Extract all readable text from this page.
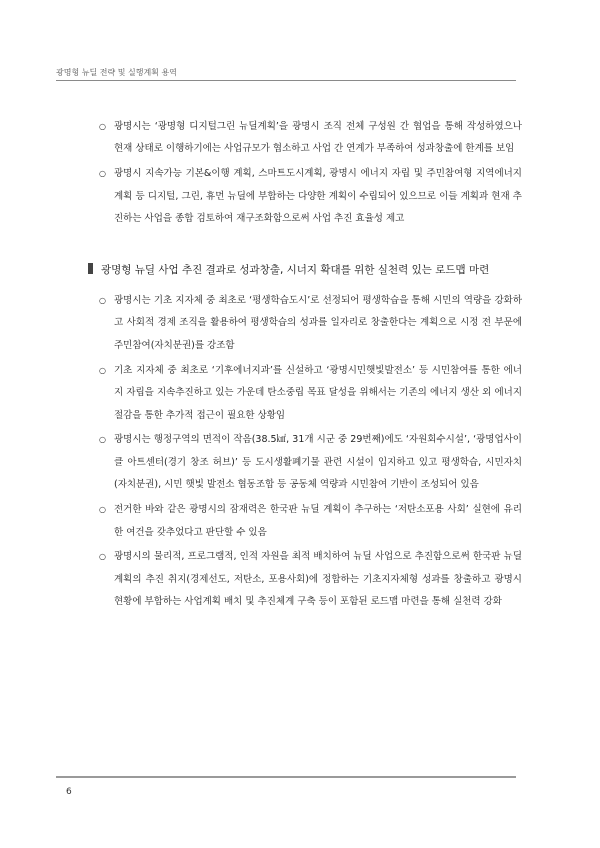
광명형 뉴딜 전략 및 실행계획 용역
○ 광명시는 ‘광명형 디지털그린 뉴딜계획’을 광명시 조직 전체 구성원 간 협업을 통해 작성하였으나 현재 상태로 이행하기에는 사업규모가 협소하고 사업 간 연계가 부족하여 성과창출에 한계를 보임
○ 광명시 지속가능 기본&이행 계획, 스마트도시계획, 광명시 에너지 자립 및 주민참여형 지역에너지계획 등 디지털, 그린, 휴먼 뉴딜에 부합하는 다양한 계획이 수립되어 있으므로 이들 계획과 현재 추진하는 사업을 종합 검토하여 재구조화함으로써 사업 추진 효율성 제고
광명형 뉴딜 사업 추진 결과로 성과창출, 시너지 확대를 위한 실천력 있는 로드맵 마련
○ 광명시는 기초 지자체 중 최초로 ‘평생학습도시’로 선정되어 평생학습을 통해 시민의 역량을 강화하고 사회적 경제 조직을 활용하여 평생학습의 성과를 일자리로 창출한다는 계획으로 시정 전 부문에 주민참여(자치분권)를 강조함
○ 기초 지자체 중 최초로 ‘기후에너지과’를 신설하고 ‘광명시민햇빛발전소’ 등 시민참여를 통한 에너지 자립을 지속추진하고 있는 가운데 탄소중립 목표 달성을 위해서는 기존의 에너지 생산 외 에너지 절감을 통한 추가적 접근이 필요한 상황임
○ 광명시는 행정구역의 면적이 작음(38.5㎢, 31개 시군 중 29번째)에도 ‘자원회수시설’, ‘광명업사이클 아트센터(경기 창조 허브)’ 등 도시생활폐기물 관련 시설이 입지하고 있고 평생학습, 시민자치(자치분권), 시민 햇빛 발전소 협동조합 등 공동체 역량과 시민참여 기반이 조성되어 있음
○ 전거한 바와 같은 광명시의 잠재력은 한국판 뉴딜 계획이 추구하는 ‘저탄소포용 사회’ 실현에 유리한 여건을 갖추었다고 판단할 수 있음
○ 광명시의 물리적, 프로그램적, 인적 자원을 최적 배치하여 뉴딜 사업으로 추진함으로써 한국판 뉴딜 계획의 추진 취지(경제선도, 저탄소, 포용사회)에 정합하는 기초지자체형 성과를 창출하고 광명시 현황에 부합하는 사업계획 배치 및 추진체계 구축 등이 포함된 로드맵 마련을 통해 실천력 강화
6
